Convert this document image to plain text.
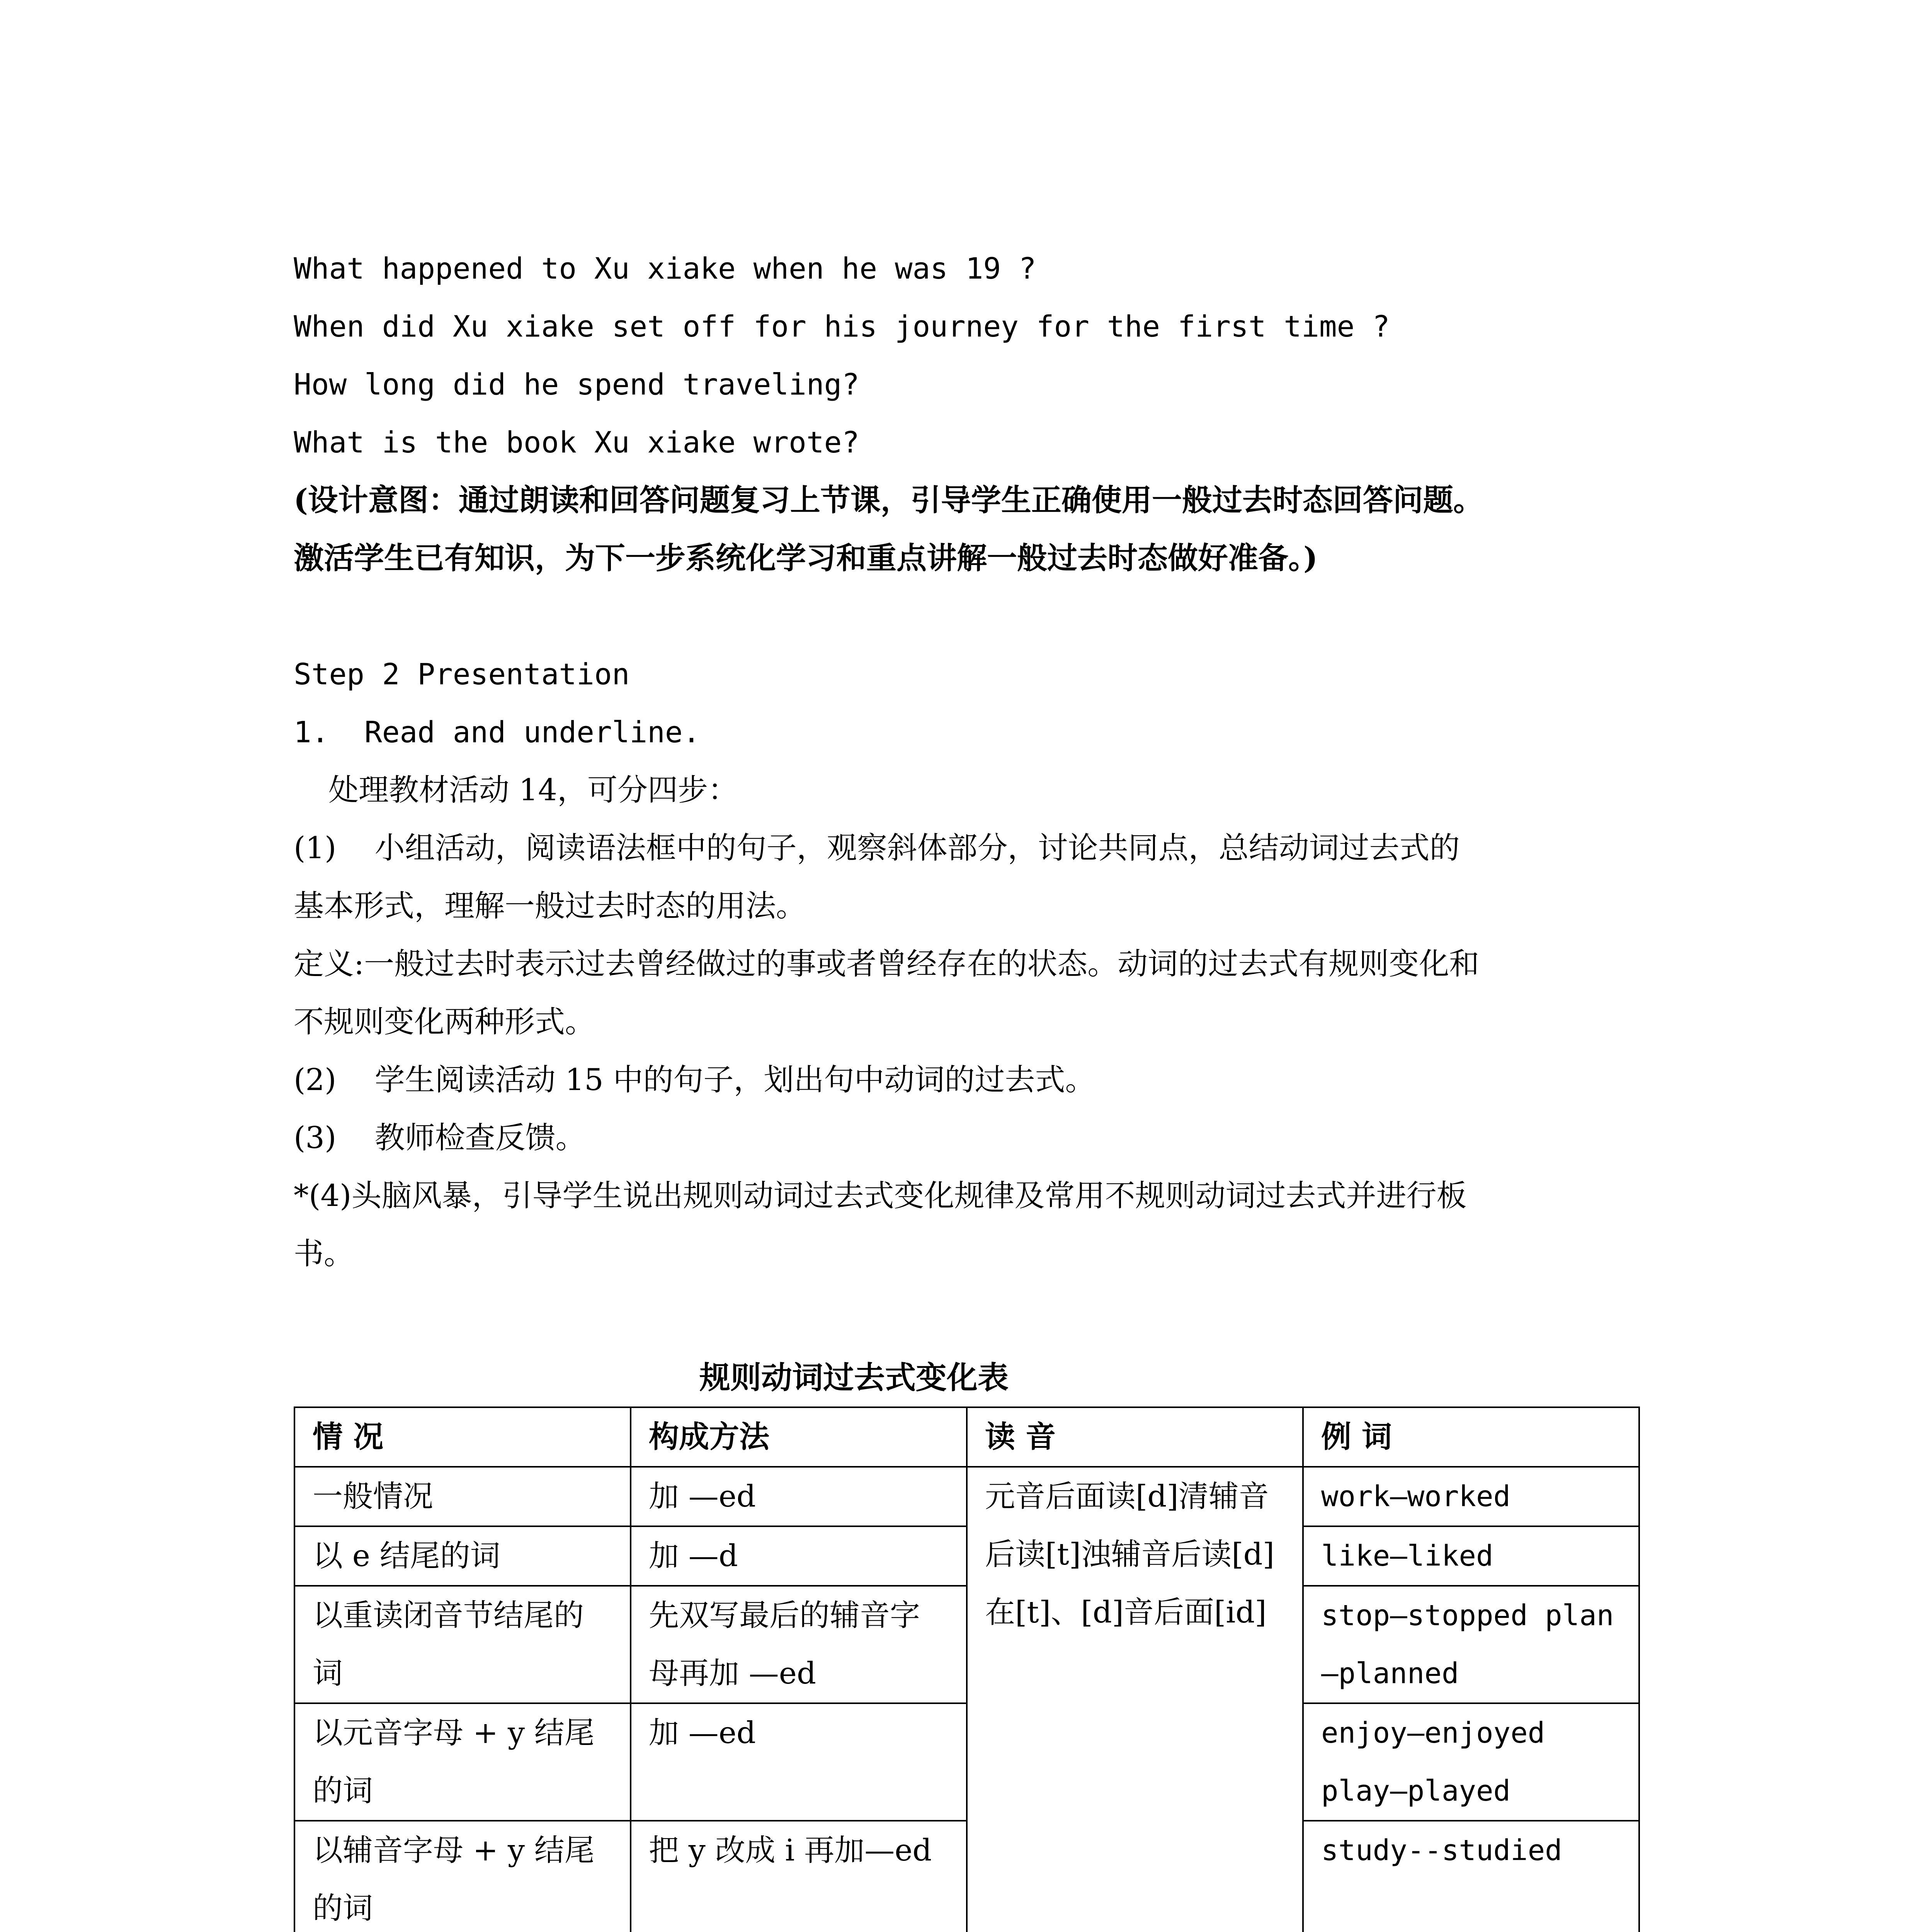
What happened to Xu xiake when he was 19 ?

When did Xu xiake set off for his journey for the first time ?

How long did he spend traveling?

What is the book Xu xiake wrote?

(设计意图：通过朗读和回答问题复习上节课，引导学生正确使用一般过去时态回答问题。

激活学生已有知识，为下一步系统化学习和重点讲解一般过去时态做好准备。)

Step 2 Presentation

1.  Read and underline.

处理教材活动 14，可分四步：

(1)    小组活动，阅读语法框中的句子，观察斜体部分，讨论共同点，总结动词过去式的

基本形式，理解一般过去时态的用法。

定义:一般过去时表示过去曾经做过的事或者曾经存在的状态。动词的过去式有规则变化和

不规则变化两种形式。

(2)    学生阅读活动 15 中的句子，划出句中动词的过去式。

(3)    教师检查反馈。

*(4)头脑风暴，引导学生说出规则动词过去式变化规律及常用不规则动词过去式并进行板

书。

规则动词过去式变化表
情 况	构成方法	读 音	例 词
一般情况	加 —ed	元音后面读[d]清辅音后读[t]浊辅音后读[d]在[t]、[d]音后面[id]	work—worked
以 e 结尾的词	加 —d		like—liked
以重读闭音节结尾的词	先双写最后的辅音字母再加 —ed		stop—stopped plan—planned
以元音字母 + y 结尾的词	加 —ed		enjoy—enjoyed play—played
以辅音字母 + y 结尾的词	把 y 改成 i 再加—ed		study--studied
